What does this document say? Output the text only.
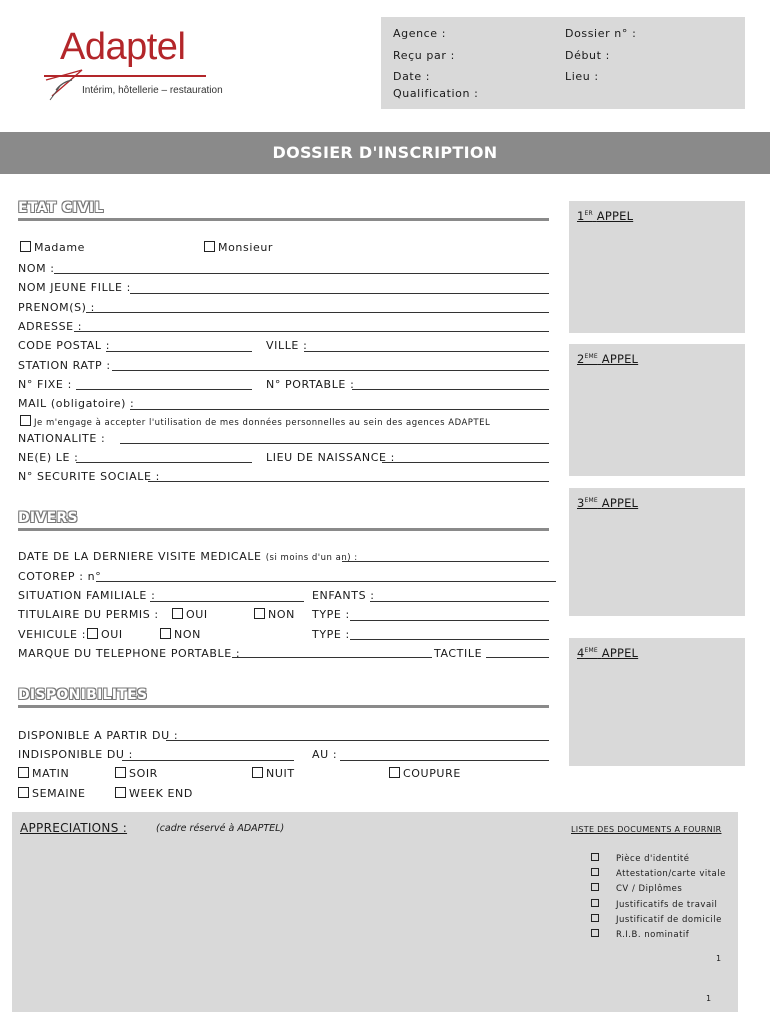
Adaptel
Intérim, hôtellerie – restauration
Agence :	Dossier n° :
Reçu par :	Début :
Date :	Lieu :
Qualification :
DOSSIER D'INSCRIPTION
ETAT CIVIL
Madame	Monsieur
NOM :
NOM JEUNE FILLE :
PRENOM(S) :
ADRESSE :
CODE POSTAL :	VILLE :
STATION RATP :
N° FIXE :	N° PORTABLE :
MAIL (obligatoire) :
Je m'engage à accepter l'utilisation de mes données personnelles au sein des agences ADAPTEL
NATIONALITE :
NE(E) LE :	LIEU DE NAISSANCE :
N° SECURITE SOCIALE :
1ER APPEL
2EME APPEL
3EME APPEL
4EME APPEL
DIVERS
DATE DE LA DERNIERE VISITE MEDICALE (si moins d'un an) :
COTOREP : n°
SITUATION FAMILIALE :	ENFANTS :
TITULAIRE DU PERMIS :	OUI	NON TYPE :
VEHICULE :	OUI	NON	TYPE :
MARQUE DU TELEPHONE PORTABLE :	TACTILE
DISPONIBILITES
DISPONIBLE A PARTIR DU :
INDISPONIBLE DU :	AU :
MATIN	SOIR	NUIT	COUPURE
SEMAINE	WEEK END
APPRECIATIONS :	(cadre réservé à ADAPTEL)	LISTE DES DOCUMENTS A FOURNIR
Pièce d'identité
Attestation/carte vitale
CV / Diplômes
Justificatifs de travail
Justificatif de domicile
R.I.B. nominatif
1
1
